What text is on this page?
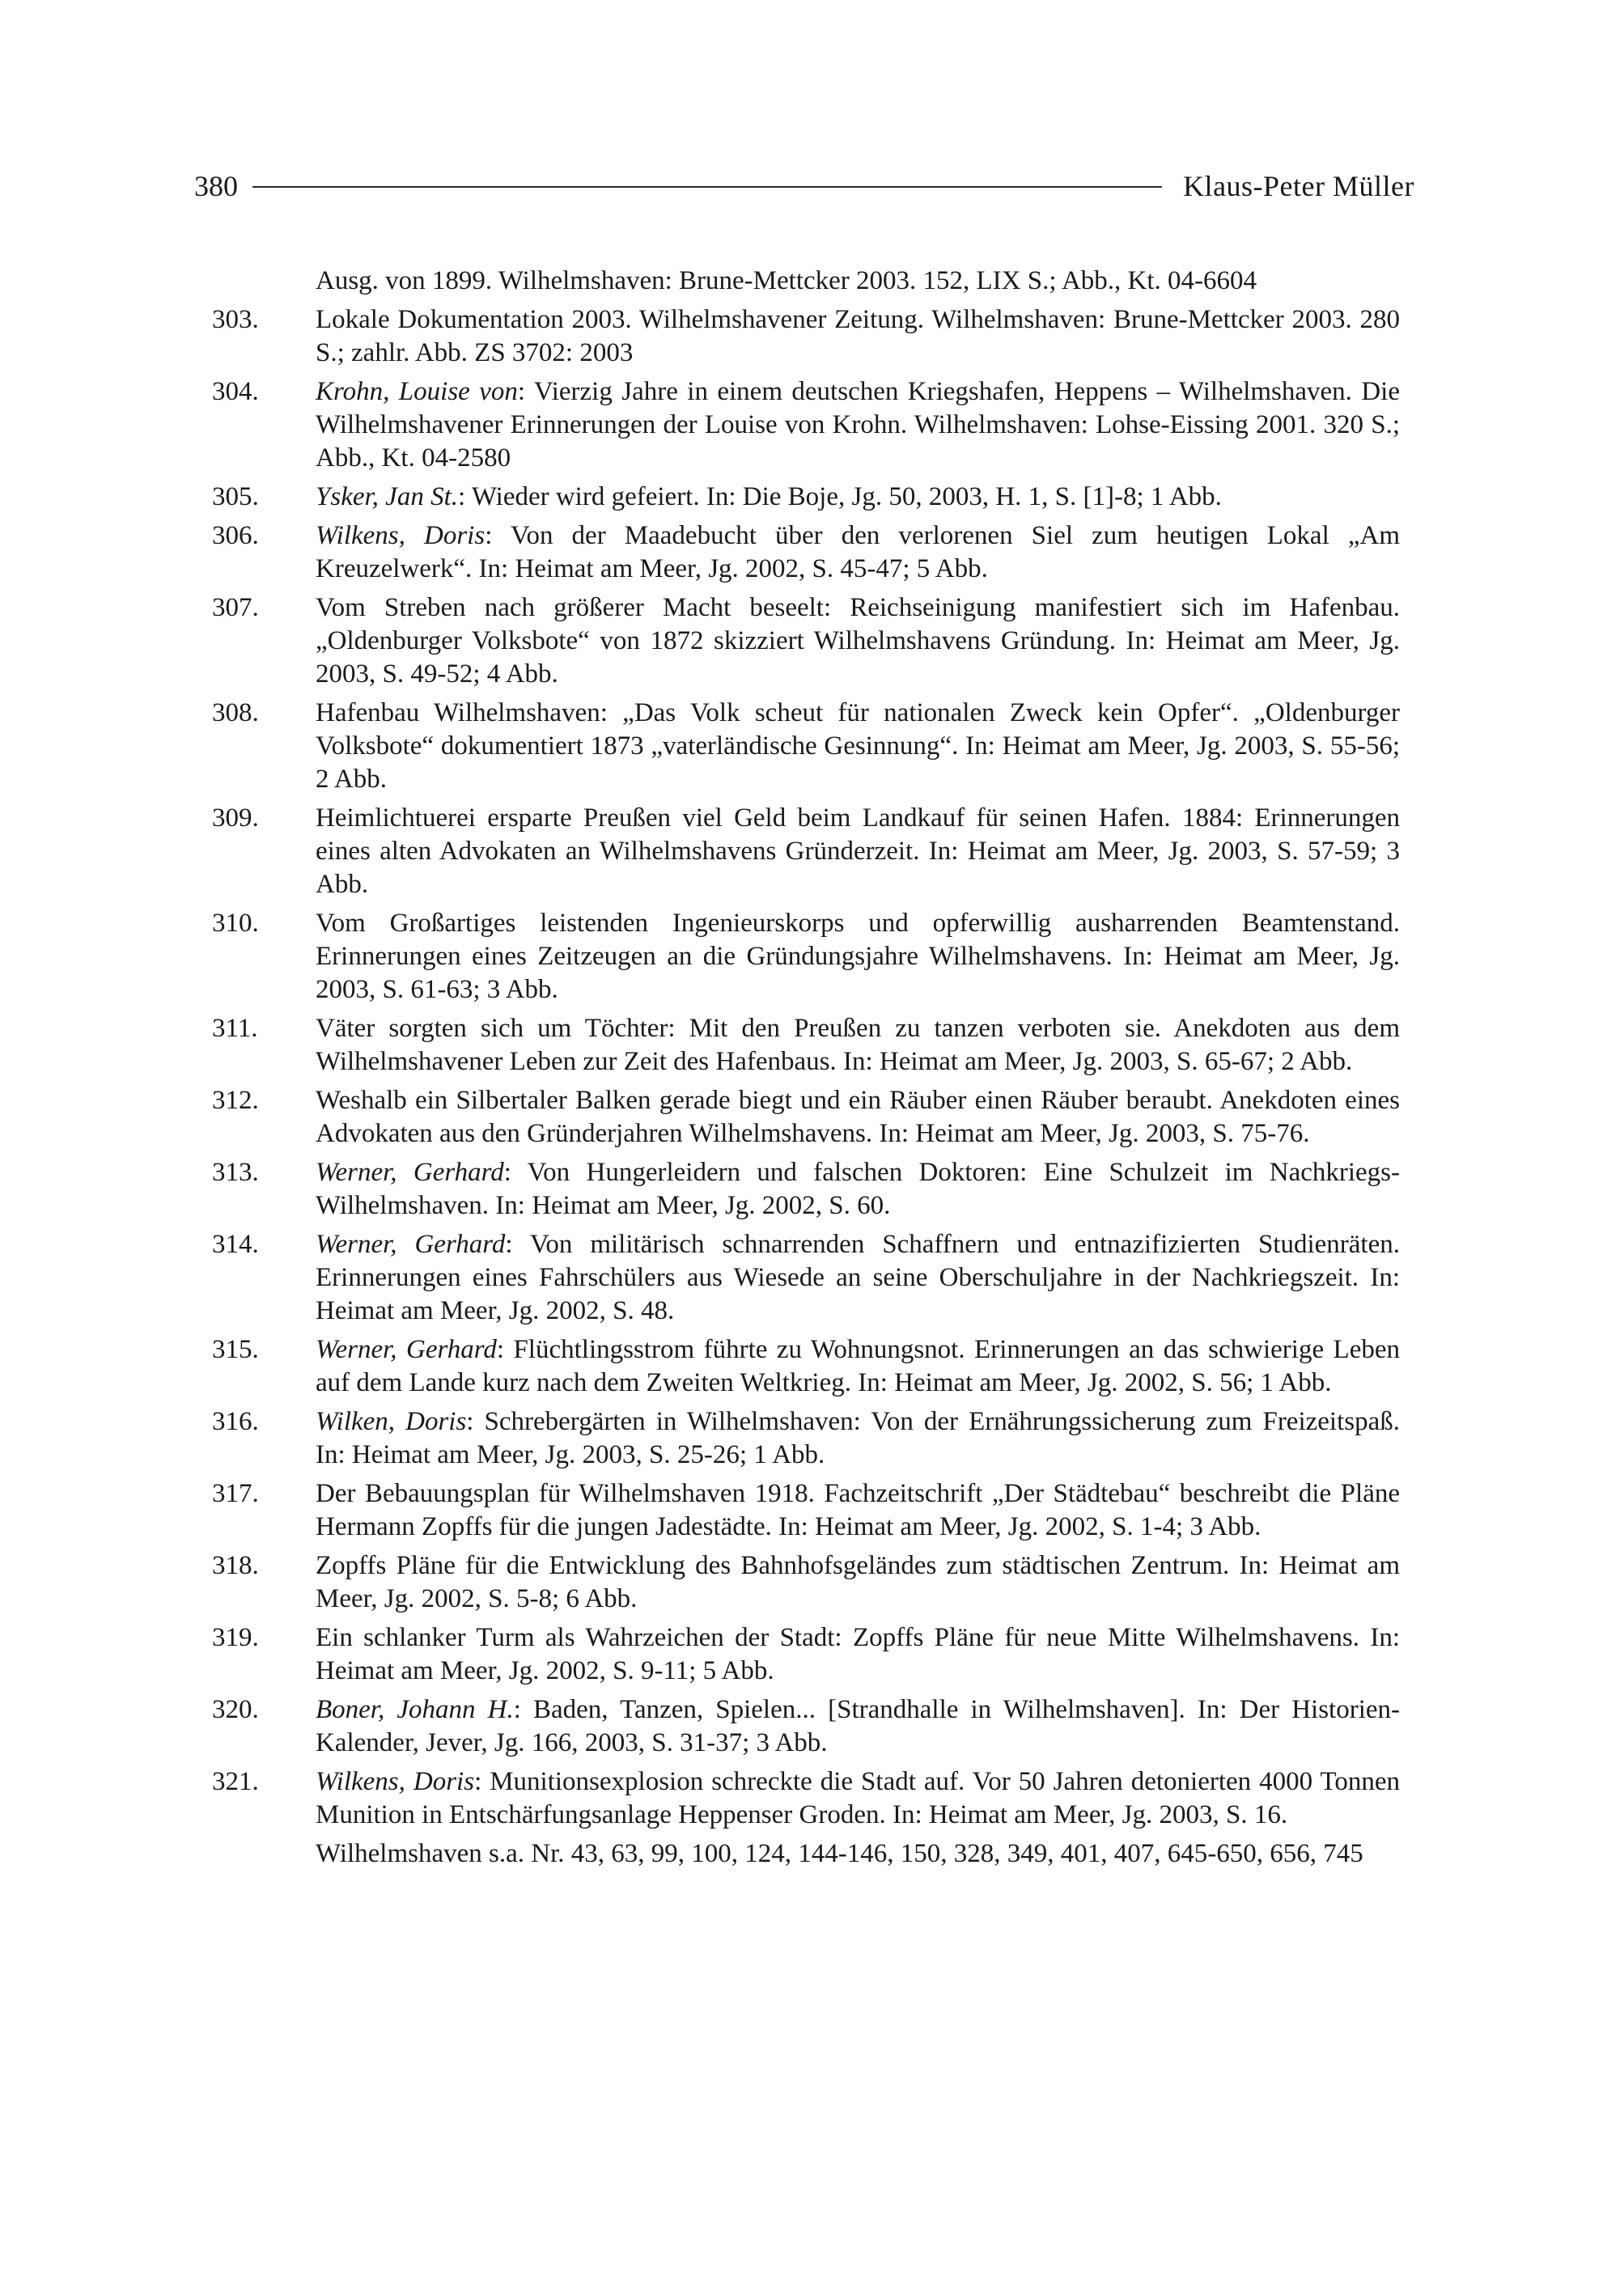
380	Klaus-Peter Müller

Ausg. von 1899. Wilhelmshaven: Brune-Mettcker 2003. 152, LIX S.; Abb., Kt. 04-6604

303. Lokale Dokumentation 2003. Wilhelmshavener Zeitung. Wilhelmshaven: Brune-Mettcker 2003. 280 S.; zahlr. Abb. ZS 3702: 2003

304. Krohn, Louise von: Vierzig Jahre in einem deutschen Kriegshafen, Heppens – Wilhelmshaven. Die Wilhelmshavener Erinnerungen der Louise von Krohn. Wilhelmshaven: Lohse-Eissing 2001. 320 S.; Abb., Kt. 04-2580

305. Ysker, Jan St.: Wieder wird gefeiert. In: Die Boje, Jg. 50, 2003, H. 1, S. [1]-8; 1 Abb.

306. Wilkens, Doris: Von der Maadebucht über den verlorenen Siel zum heutigen Lokal „Am Kreuzelwerk“. In: Heimat am Meer, Jg. 2002, S. 45-47; 5 Abb.

307. Vom Streben nach größerer Macht beseelt: Reichseinigung manifestiert sich im Hafenbau. „Oldenburger Volksbote“ von 1872 skizziert Wilhelmshavens Gründung. In: Heimat am Meer, Jg. 2003, S. 49-52; 4 Abb.

308. Hafenbau Wilhelmshaven: „Das Volk scheut für nationalen Zweck kein Opfer“. „Oldenburger Volksbote“ dokumentiert 1873 „vaterländische Gesinnung“. In: Heimat am Meer, Jg. 2003, S. 55-56; 2 Abb.

309. Heimlichtuerei ersparte Preußen viel Geld beim Landkauf für seinen Hafen. 1884: Erinnerungen eines alten Advokaten an Wilhelmshavens Gründerzeit. In: Heimat am Meer, Jg. 2003, S. 57-59; 3 Abb.

310. Vom Großartiges leistenden Ingenieurskorps und opferwillig ausharrenden Beamtenstand. Erinnerungen eines Zeitzeugen an die Gründungsjahre Wilhelmshavens. In: Heimat am Meer, Jg. 2003, S. 61-63; 3 Abb.

311. Väter sorgten sich um Töchter: Mit den Preußen zu tanzen verboten sie. Anekdoten aus dem Wilhelmshavener Leben zur Zeit des Hafenbaus. In: Heimat am Meer, Jg. 2003, S. 65-67; 2 Abb.

312. Weshalb ein Silbertaler Balken gerade biegt und ein Räuber einen Räuber beraubt. Anekdoten eines Advokaten aus den Gründerjahren Wilhelmshavens. In: Heimat am Meer, Jg. 2003, S. 75-76.

313. Werner, Gerhard: Von Hungerleidern und falschen Doktoren: Eine Schulzeit im Nachkriegs-Wilhelmshaven. In: Heimat am Meer, Jg. 2002, S. 60.

314. Werner, Gerhard: Von militärisch schnarrenden Schaffnern und entnazifizierten Studienräten. Erinnerungen eines Fahrschülers aus Wiesede an seine Oberschuljahre in der Nachkriegszeit. In: Heimat am Meer, Jg. 2002, S. 48.

315. Werner, Gerhard: Flüchtlingsstrom führte zu Wohnungsnot. Erinnerungen an das schwierige Leben auf dem Lande kurz nach dem Zweiten Weltkrieg. In: Heimat am Meer, Jg. 2002, S. 56; 1 Abb.

316. Wilken, Doris: Schrebergärten in Wilhelmshaven: Von der Ernährungssicherung zum Freizeitspaß. In: Heimat am Meer, Jg. 2003, S. 25-26; 1 Abb.

317. Der Bebauungsplan für Wilhelmshaven 1918. Fachzeitschrift „Der Städtebau“ beschreibt die Pläne Hermann Zopffs für die jungen Jadestädte. In: Heimat am Meer, Jg. 2002, S. 1-4; 3 Abb.

318. Zopffs Pläne für die Entwicklung des Bahnhofsgeländes zum städtischen Zentrum. In: Heimat am Meer, Jg. 2002, S. 5-8; 6 Abb.

319. Ein schlanker Turm als Wahrzeichen der Stadt: Zopffs Pläne für neue Mitte Wilhelmshavens. In: Heimat am Meer, Jg. 2002, S. 9-11; 5 Abb.

320. Boner, Johann H.: Baden, Tanzen, Spielen... [Strandhalle in Wilhelmshaven]. In: Der Historien-Kalender, Jever, Jg. 166, 2003, S. 31-37; 3 Abb.

321. Wilkens, Doris: Munitionsexplosion schreckte die Stadt auf. Vor 50 Jahren detonierten 4000 Tonnen Munition in Entschärfungsanlage Heppenser Groden. In: Heimat am Meer, Jg. 2003, S. 16.

Wilhelmshaven s.a. Nr. 43, 63, 99, 100, 124, 144-146, 150, 328, 349, 401, 407, 645-650, 656, 745
